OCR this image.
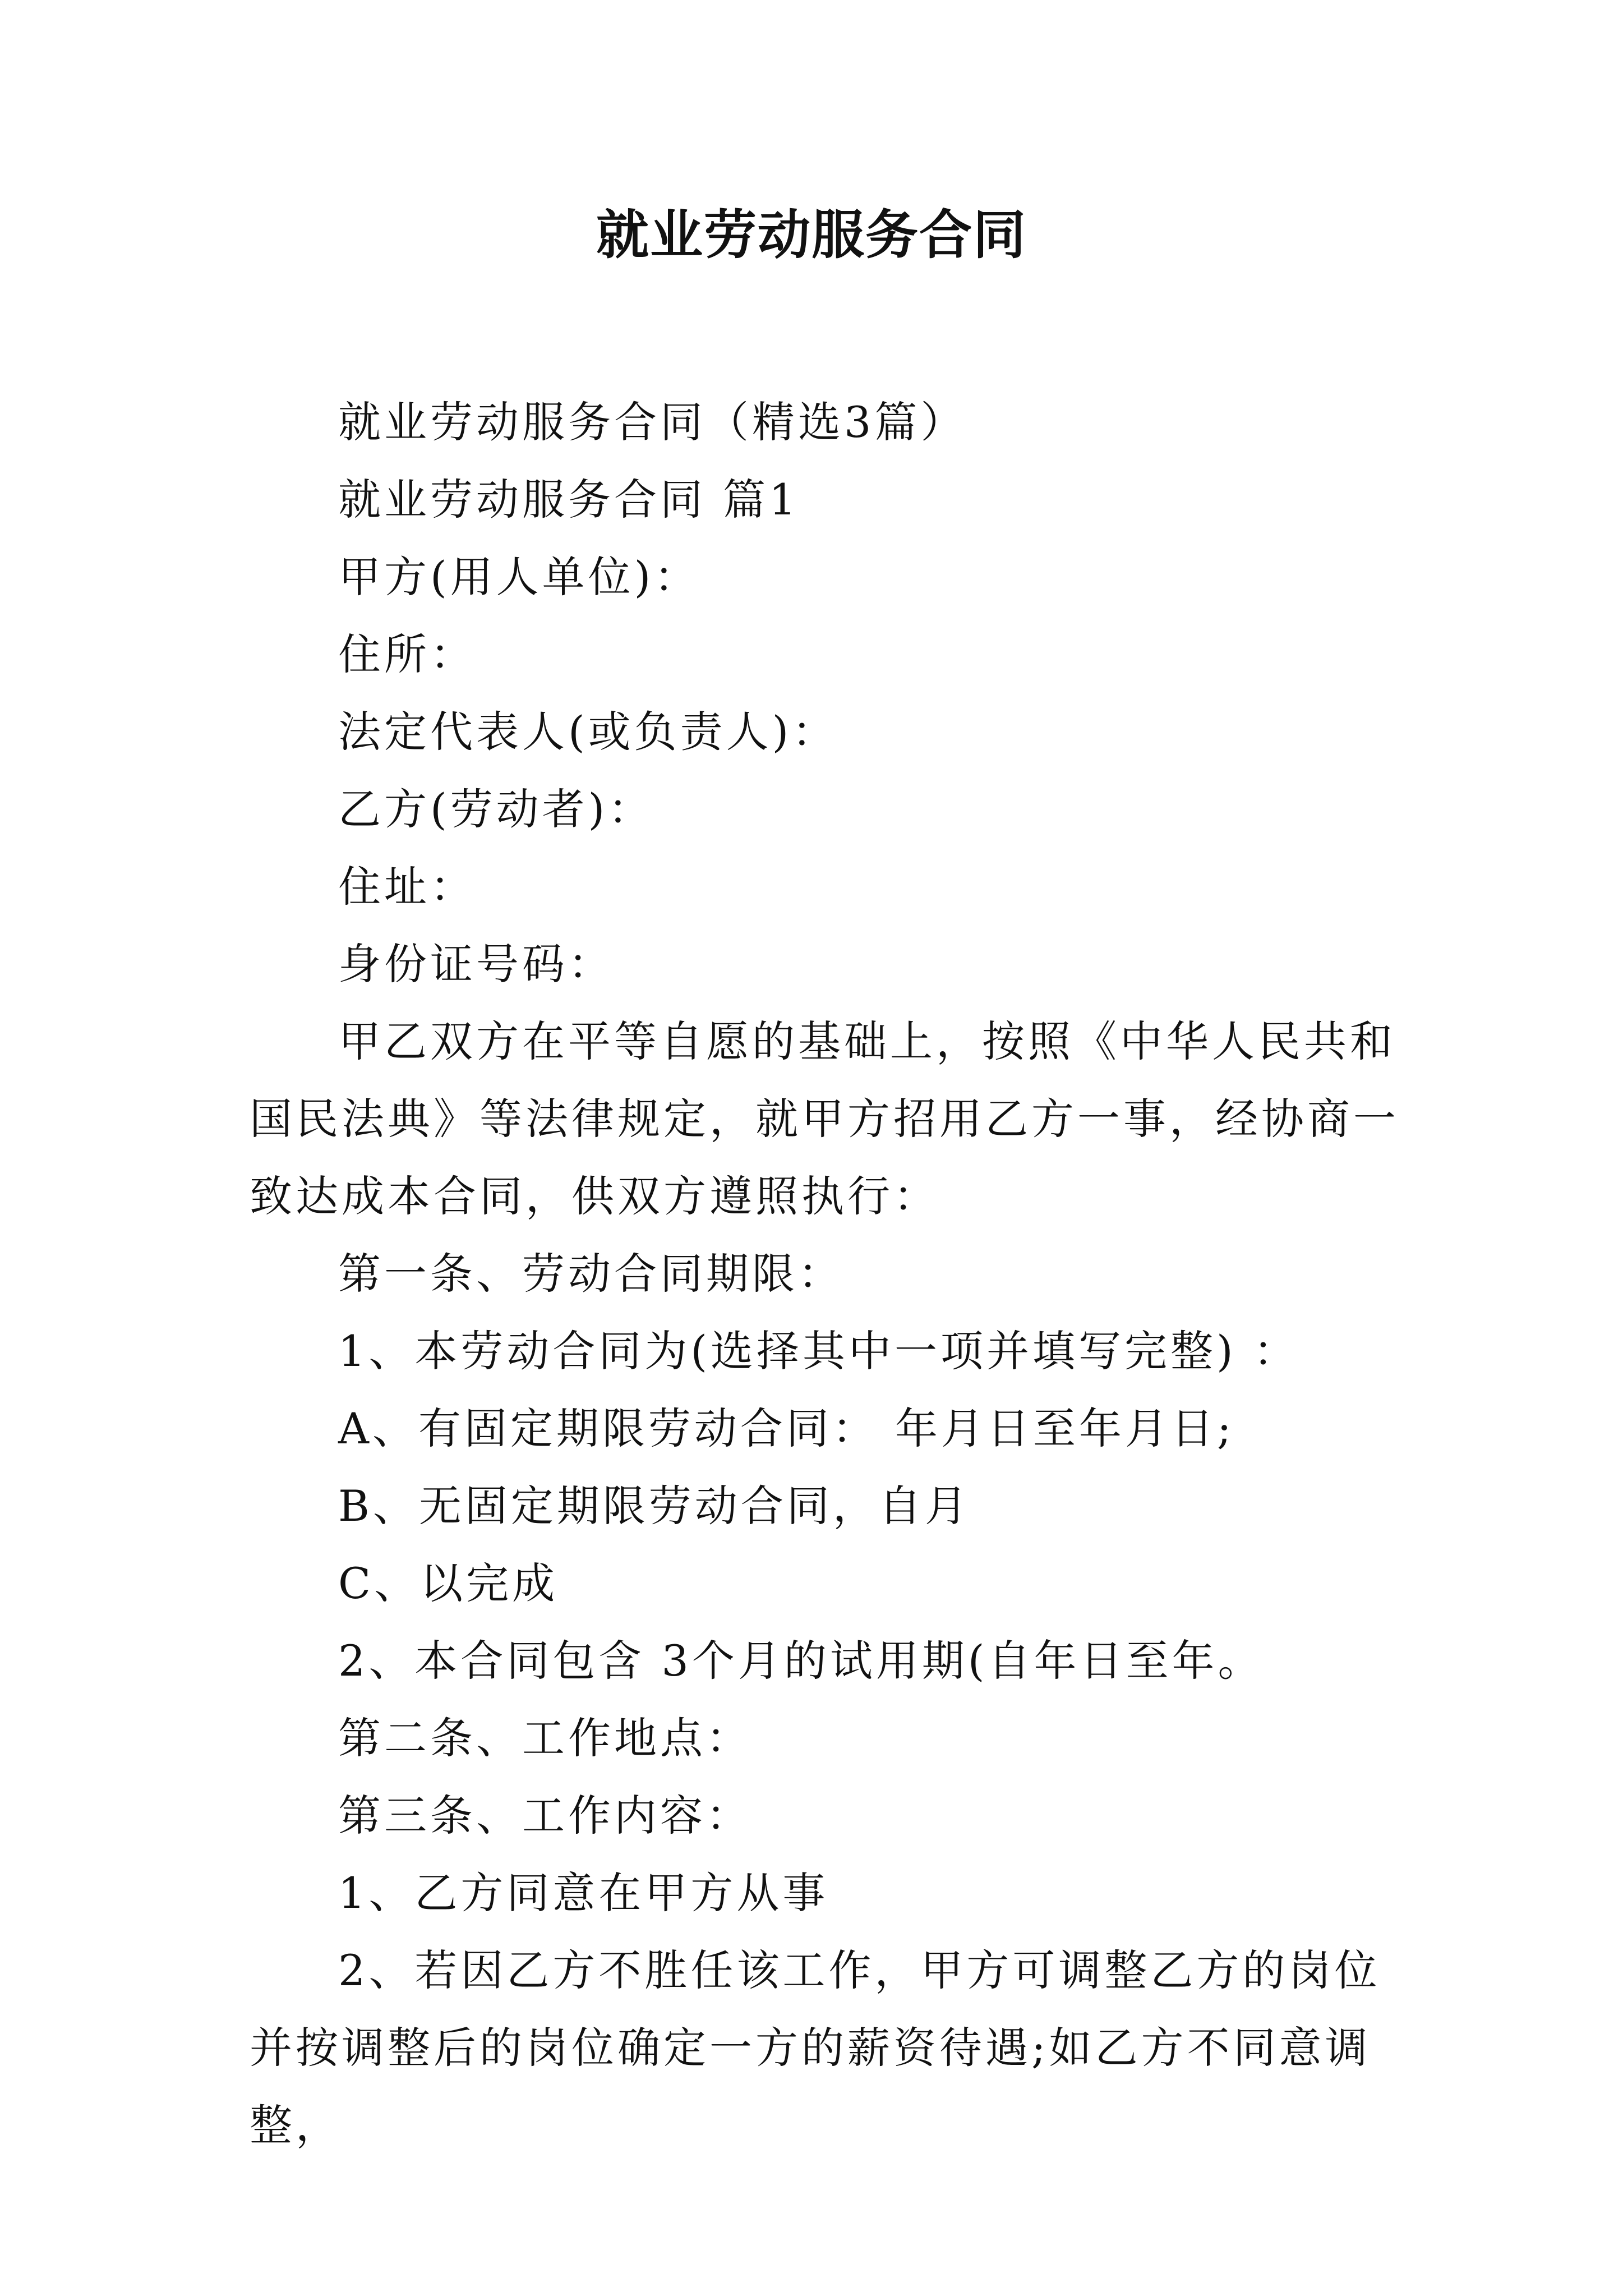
就业劳动服务合同

就业劳动服务合同（精选3篇）

就业劳动服务合同 篇1

甲方(用人单位)：

住所：

法定代表人(或负责人)：

乙方(劳动者)：

住址：

身份证号码：

甲乙双方在平等自愿的基础上，按照《中华人民共和国民法典》等法律规定，就甲方招用乙方一事，经协商一致达成本合同，供双方遵照执行：

第一条、劳动合同期限：

1、本劳动合同为(选择其中一项并填写完整) ：

A、有固定期限劳动合同： 年月日至年月日;

B、无固定期限劳动合同，自月

C、以完成

2、本合同包含 3个月的试用期(自年日至年。

第二条、工作地点：

第三条、工作内容：

1、乙方同意在甲方从事

2、若因乙方不胜任该工作，甲方可调整乙方的岗位并按调整后的岗位确定一方的薪资待遇;如乙方不同意调整，
